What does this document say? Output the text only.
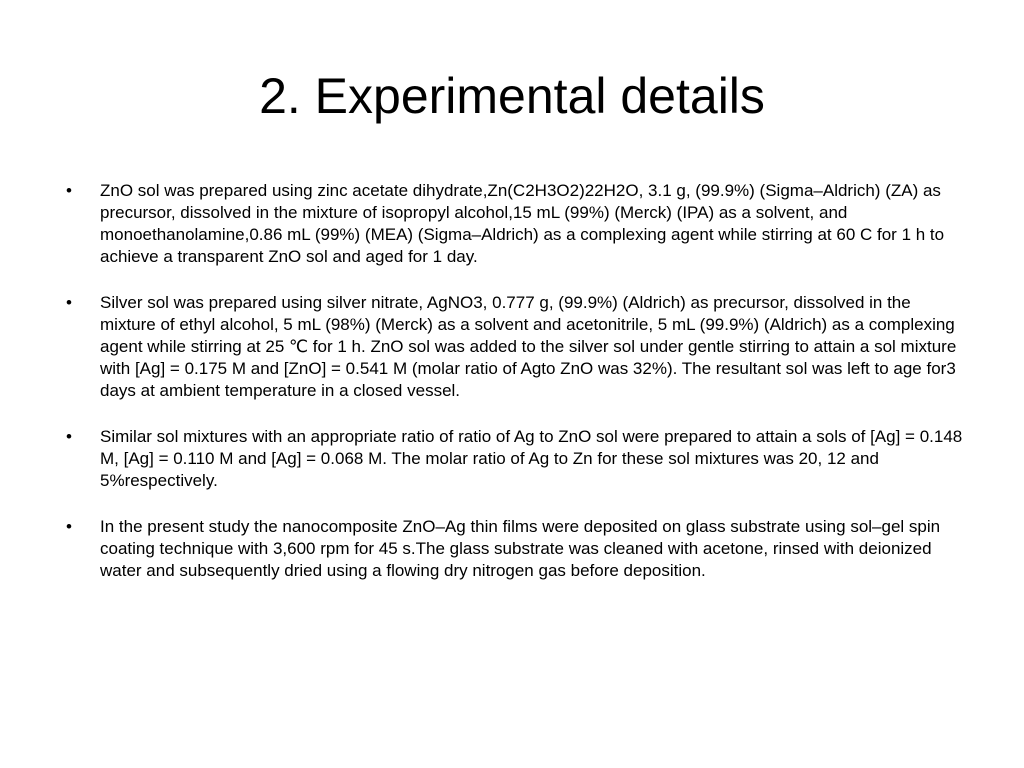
2. Experimental details
• ZnO sol was prepared using zinc acetate dihydrate,Zn(C2H3O2)22H2O, 3.1 g, (99.9%) (Sigma–Aldrich) (ZA) as precursor, dissolved in the mixture of isopropyl alcohol,15 mL (99%) (Merck) (IPA) as a solvent, and monoethanolamine,0.86 mL (99%) (MEA) (Sigma–Aldrich) as a complexing agent while stirring at 60 C for 1 h to achieve a transparent ZnO sol and aged for 1 day.
• Silver sol was prepared using silver nitrate, AgNO3, 0.777 g, (99.9%) (Aldrich) as precursor, dissolved in the mixture of ethyl alcohol, 5 mL (98%) (Merck) as a solvent and acetonitrile, 5 mL (99.9%) (Aldrich) as a complexing agent while stirring at 25 ℃ for 1 h. ZnO sol was added to the silver sol under gentle stirring to attain a sol mixture with [Ag] = 0.175 M and [ZnO] = 0.541 M (molar ratio of Agto ZnO was 32%). The resultant sol was left to age for3 days at ambient temperature in a closed vessel.
• Similar sol mixtures with an appropriate ratio of ratio of Ag to ZnO sol were prepared to attain a sols of [Ag] = 0.148 M, [Ag] = 0.110 M and [Ag] = 0.068 M. The molar ratio of Ag to Zn for these sol mixtures was 20, 12 and 5%respectively.
• In the present study the nanocomposite ZnO–Ag thin films were deposited on glass substrate using sol–gel spin coating technique with 3,600 rpm for 45 s.The glass substrate was cleaned with acetone, rinsed with deionized water and subsequently dried using a flowing dry nitrogen gas before deposition.
